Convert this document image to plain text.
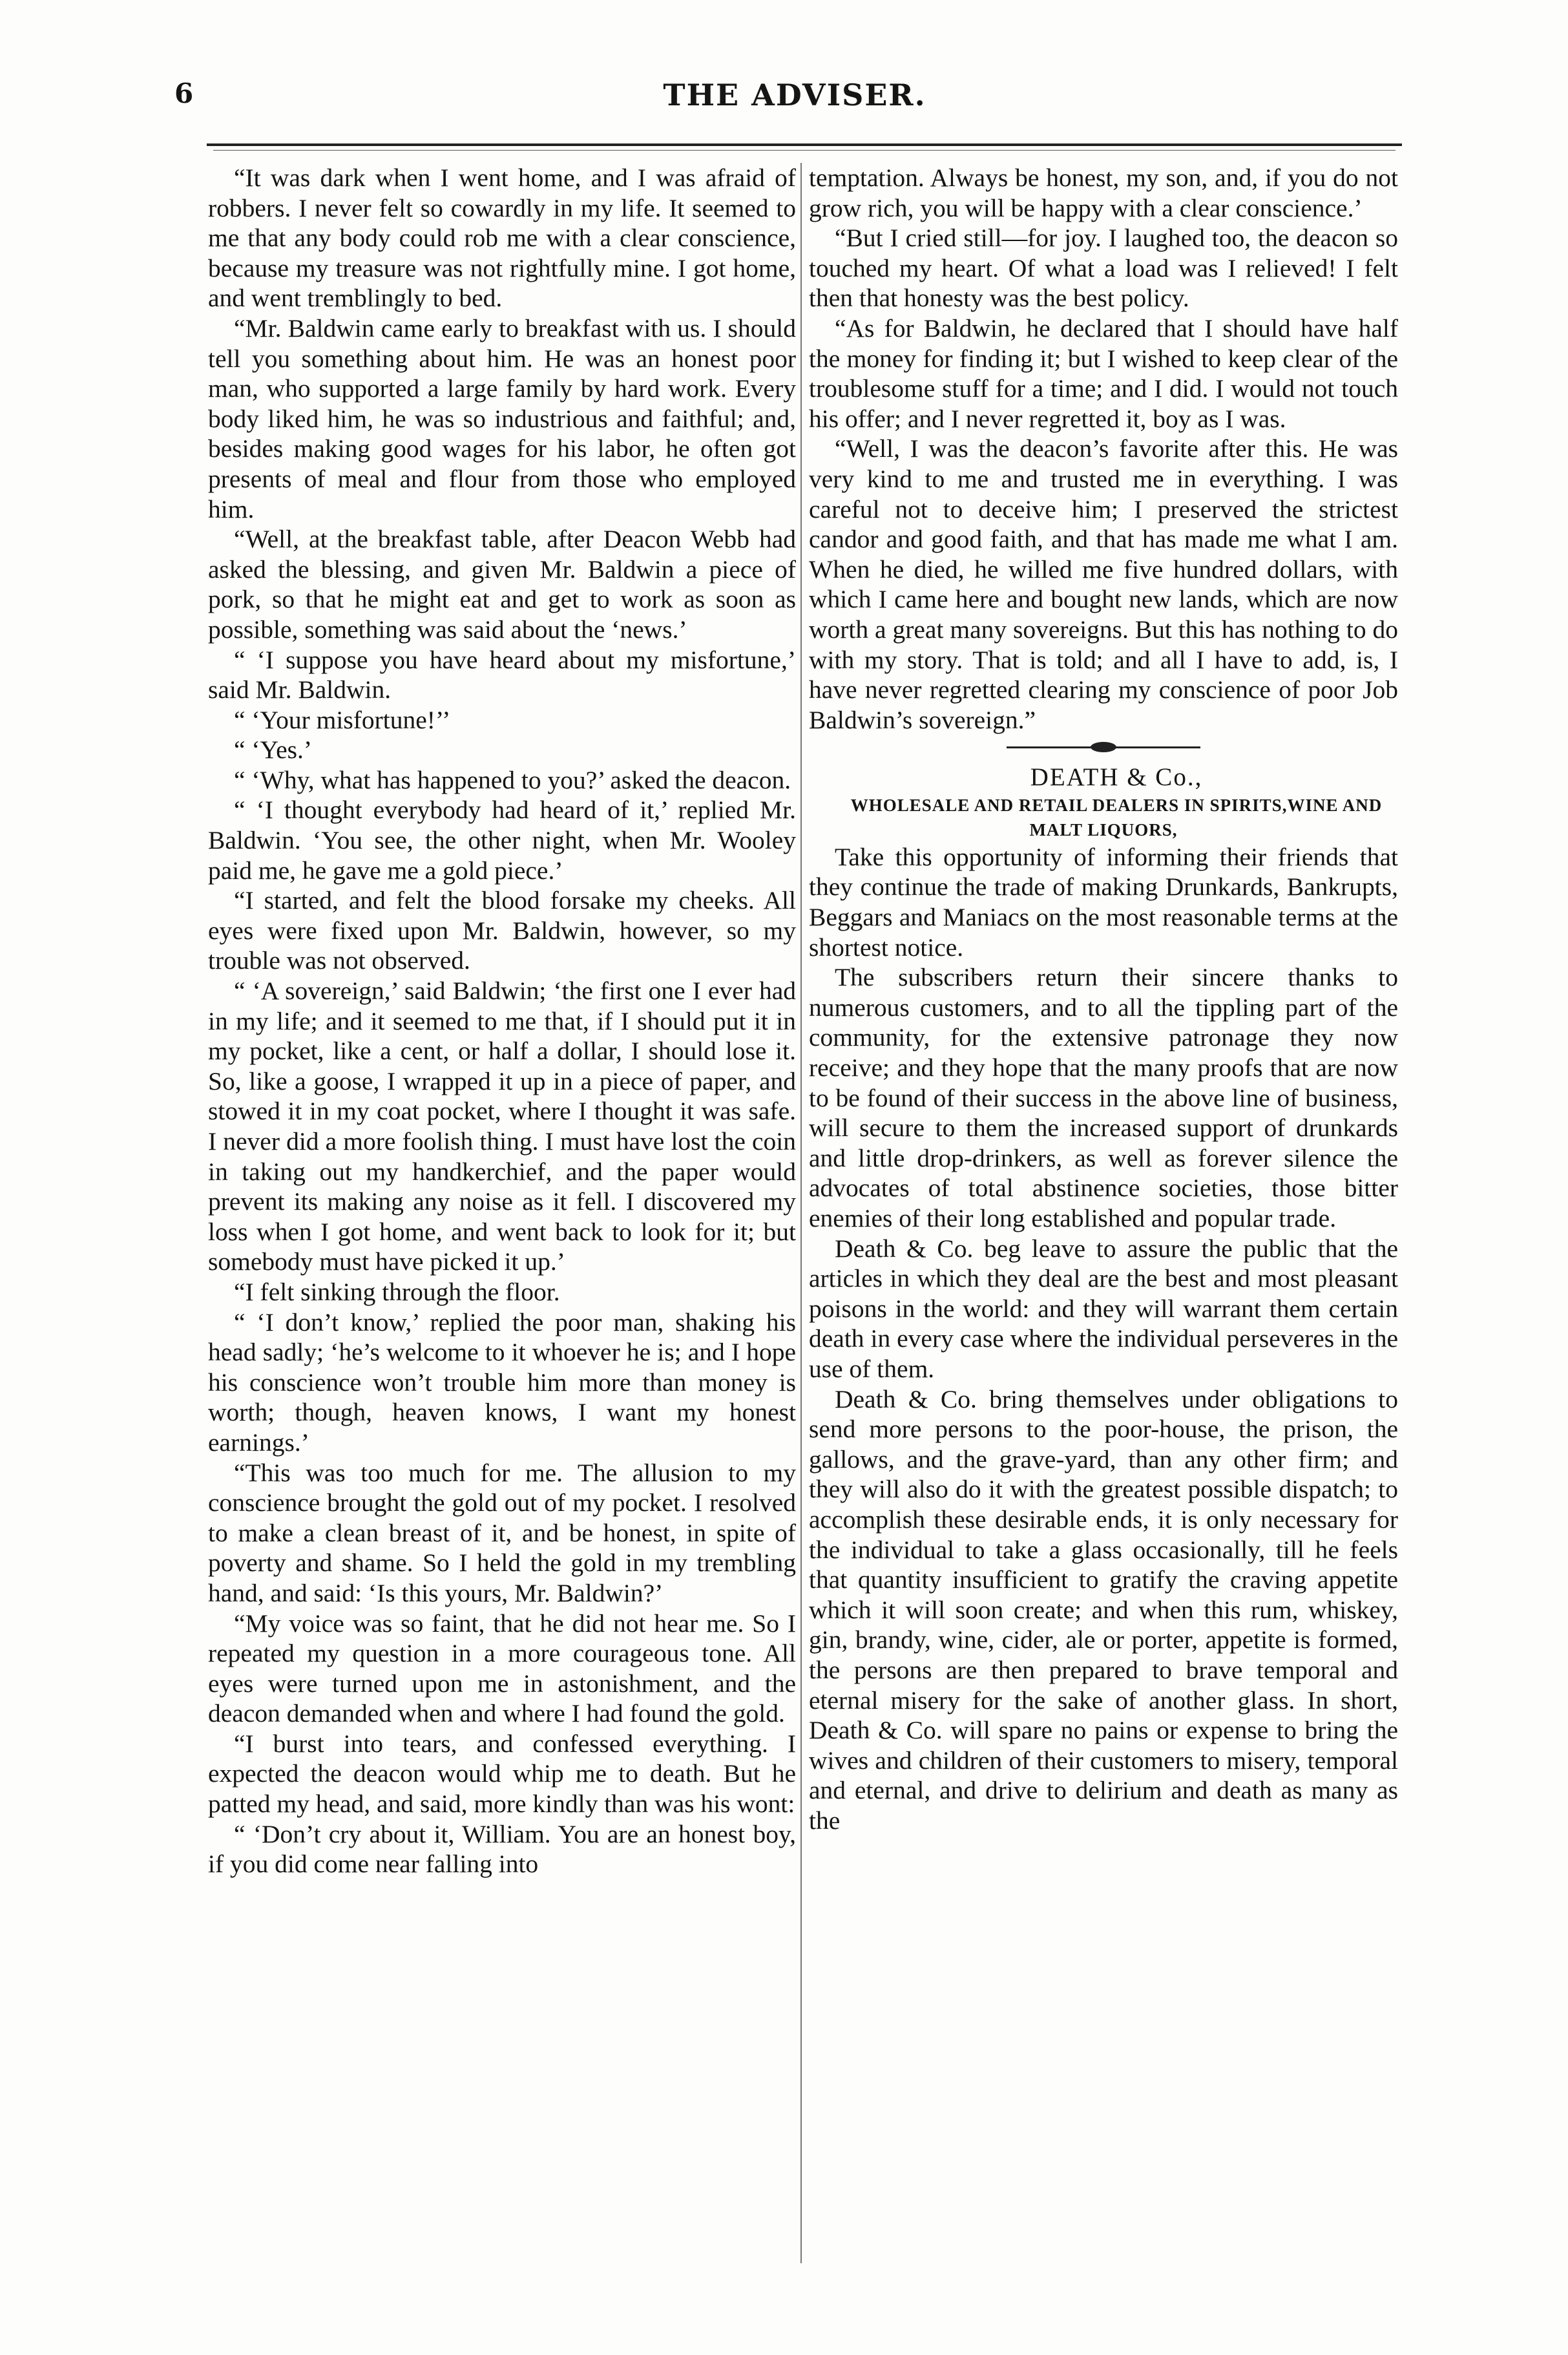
6	THE ADVISER.

“It was dark when I went home, and I was afraid of robbers. I never felt so cowardly in my life. It seemed to me that any body could rob me with a clear conscience, because my treasure was not rightfully mine. I got home, and went tremblingly to bed.

“Mr. Baldwin came early to breakfast with us. I should tell you something about him. He was an honest poor man, who supported a large family by hard work. Every body liked him, he was so industrious and faithful; and, besides making good wages for his labor, he often got presents of meal and flour from those who employed him.

“Well, at the breakfast table, after Deacon Webb had asked the blessing, and given Mr. Baldwin a piece of pork, so that he might eat and get to work as soon as possible, something was said about the ‘news.’

“ ‘I suppose you have heard about my misfortune,’ said Mr. Baldwin.

“ ‘Your misfortune!’’

“ ‘Yes.’

“ ‘Why, what has happened to you?’ asked the deacon.

“ ‘I thought everybody had heard of it,’ replied Mr. Baldwin. ‘You see, the other night, when Mr. Wooley paid me, he gave me a gold piece.’

“I started, and felt the blood forsake my cheeks. All eyes were fixed upon Mr. Baldwin, however, so my trouble was not observed.

“ ‘A sovereign,’ said Baldwin; ‘the first one I ever had in my life; and it seemed to me that, if I should put it in my pocket, like a cent, or half a dollar, I should lose it. So, like a goose, I wrapped it up in a piece of paper, and stowed it in my coat pocket, where I thought it was safe. I never did a more foolish thing. I must have lost the coin in taking out my handkerchief, and the paper would prevent its making any noise as it fell. I discovered my loss when I got home, and went back to look for it; but somebody must have picked it up.’

“I felt sinking through the floor.

“ ‘I don’t know,’ replied the poor man, shaking his head sadly; ‘he’s welcome to it whoever he is; and I hope his conscience won’t trouble him more than money is worth; though, heaven knows, I want my honest earnings.’

“This was too much for me. The allusion to my conscience brought the gold out of my pocket. I resolved to make a clean breast of it, and be honest, in spite of poverty and shame. So I held the gold in my trembling hand, and said: ‘Is this yours, Mr. Baldwin?’

“My voice was so faint, that he did not hear me. So I repeated my question in a more courageous tone. All eyes were turned upon me in astonishment, and the deacon demanded when and where I had found the gold.

“I burst into tears, and confessed everything. I expected the deacon would whip me to death. But he patted my head, and said, more kindly than was his wont:

“ ‘Don’t cry about it, William. You are an honest boy, if you did come near falling into

temptation. Always be honest, my son, and, if you do not grow rich, you will be happy with a clear conscience.’

“But I cried still—for joy. I laughed too, the deacon so touched my heart. Of what a load was I relieved! I felt then that honesty was the best policy.

“As for Baldwin, he declared that I should have half the money for finding it; but I wished to keep clear of the troublesome stuff for a time; and I did. I would not touch his offer; and I never regretted it, boy as I was.

“Well, I was the deacon’s favorite after this. He was very kind to me and trusted me in everything. I was careful not to deceive him; I preserved the strictest candor and good faith, and that has made me what I am. When he died, he willed me five hundred dollars, with which I came here and bought new lands, which are now worth a great many sovereigns. But this has nothing to do with my story. That is told; and all I have to add, is, I have never regretted clearing my conscience of poor Job Baldwin’s sovereign.”

DEATH & Co.,

WHOLESALE AND RETAIL DEALERS IN SPIRITS,WINE AND MALT LIQUORS,

Take this opportunity of informing their friends that they continue the trade of making Drunkards, Bankrupts, Beggars and Maniacs on the most reasonable terms at the shortest notice.

The subscribers return their sincere thanks to numerous customers, and to all the tippling part of the community, for the extensive patronage they now receive; and they hope that the many proofs that are now to be found of their success in the above line of business, will secure to them the increased support of drunkards and little drop-drinkers, as well as forever silence the advocates of total abstinence societies, those bitter enemies of their long established and popular trade.

Death & Co. beg leave to assure the public that the articles in which they deal are the best and most pleasant poisons in the world: and they will warrant them certain death in every case where the individual perseveres in the use of them.

Death & Co. bring themselves under obligations to send more persons to the poor-house, the prison, the gallows, and the grave-yard, than any other firm; and they will also do it with the greatest possible dispatch; to accomplish these desirable ends, it is only necessary for the individual to take a glass occasionally, till he feels that quantity insufficient to gratify the craving appetite which it will soon create; and when this rum, whiskey, gin, brandy, wine, cider, ale or porter, appetite is formed, the persons are then prepared to brave temporal and eternal misery for the sake of another glass. In short, Death & Co. will spare no pains or expense to bring the wives and children of their customers to misery, temporal and eternal, and drive to delirium and death as many as the
